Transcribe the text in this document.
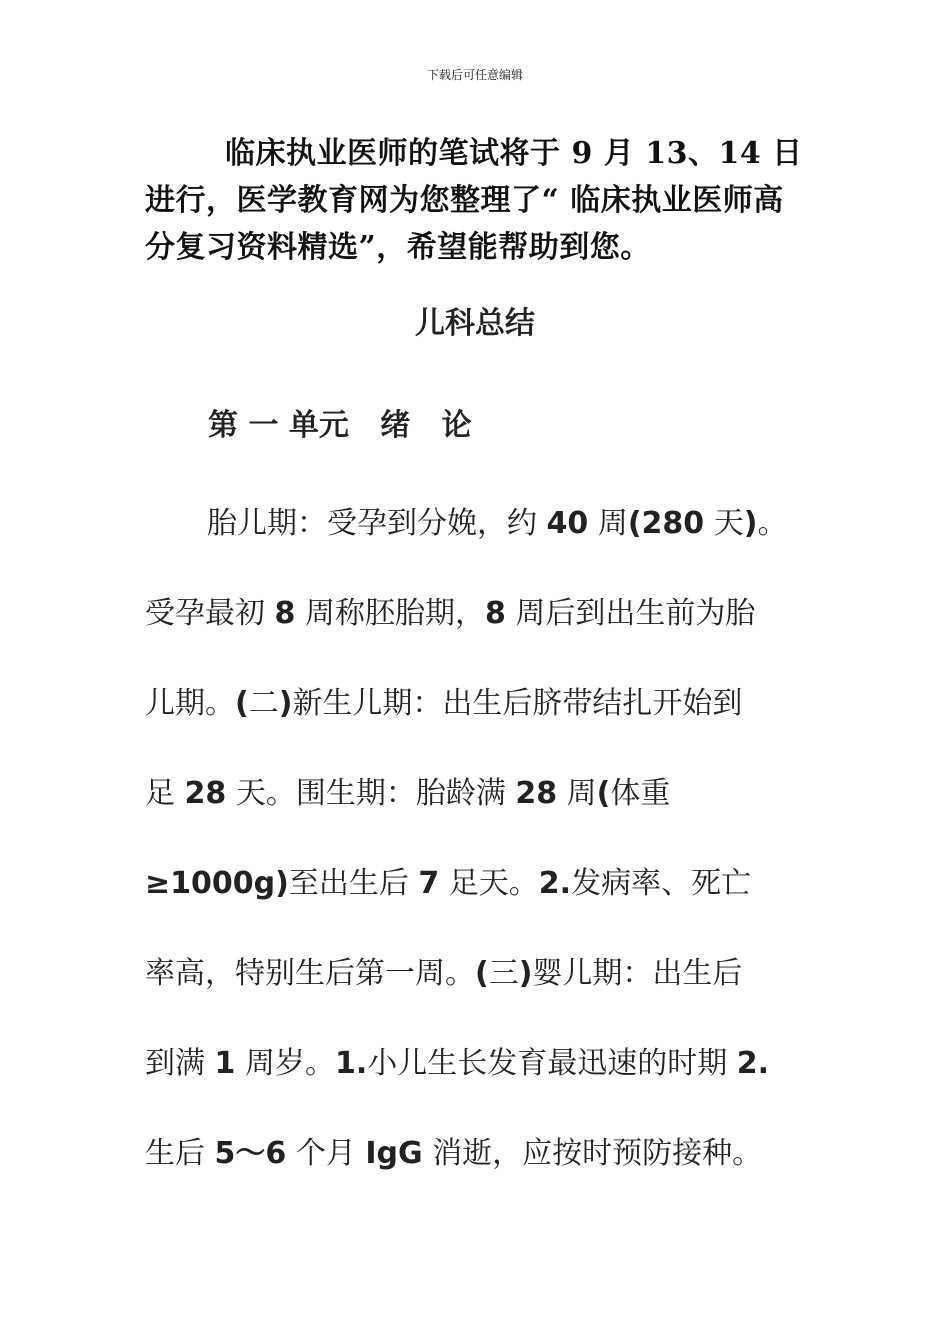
下载后可任意编辑

临床执业医师的笔试将于 9 月 13、14 日进行，医学教育网为您整理了“ 临床执业医师高分复习资料精选”，希望能帮助到您。

儿科总结
第 一 单元   绪   论
胎儿期：受孕到分娩，约 40 周(280 天)。
受孕最初 8 周称胚胎期，8 周后到出生前为胎
儿期。(二)新生儿期：出生后脐带结扎开始到
足 28 天。围生期：胎龄满 28 周(体重
≥1000g)至出生后 7 足天。2.发病率、死亡
率高，特别生后第一周。(三)婴儿期：出生后
到满 1 周岁。1.小儿生长发育最迅速的时期 2.
生后 5～6 个月 IgG 消逝，应按时预防接种。
